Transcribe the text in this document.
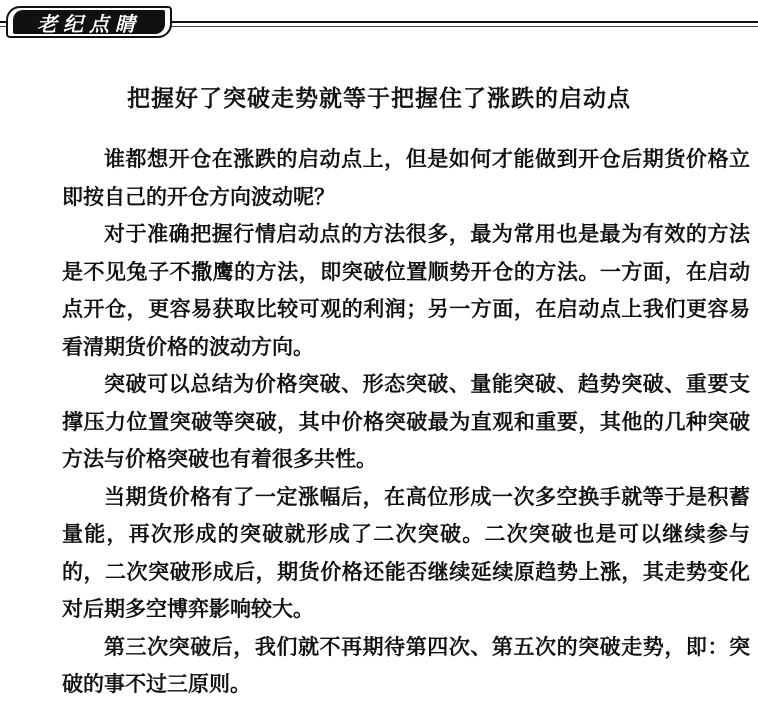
老纪点睛
把握好了突破走势就等于把握住了涨跌的启动点

谁都想开仓在涨跌的启动点上，但是如何才能做到开仓后期货价格立即按自己的开仓方向波动呢？

对于准确把握行情启动点的方法很多，最为常用也是最为有效的方法是不见兔子不撒鹰的方法，即突破位置顺势开仓的方法。一方面，在启动点开仓，更容易获取比较可观的利润；另一方面，在启动点上我们更容易看清期货价格的波动方向。

突破可以总结为价格突破、形态突破、量能突破、趋势突破、重要支撑压力位置突破等突破，其中价格突破最为直观和重要，其他的几种突破方法与价格突破也有着很多共性。

当期货价格有了一定涨幅后，在高位形成一次多空换手就等于是积蓄量能，再次形成的突破就形成了二次突破。二次突破也是可以继续参与的，二次突破形成后，期货价格还能否继续延续原趋势上涨，其走势变化对后期多空博弈影响较大。

第三次突破后，我们就不再期待第四次、第五次的突破走势，即：突破的事不过三原则。
